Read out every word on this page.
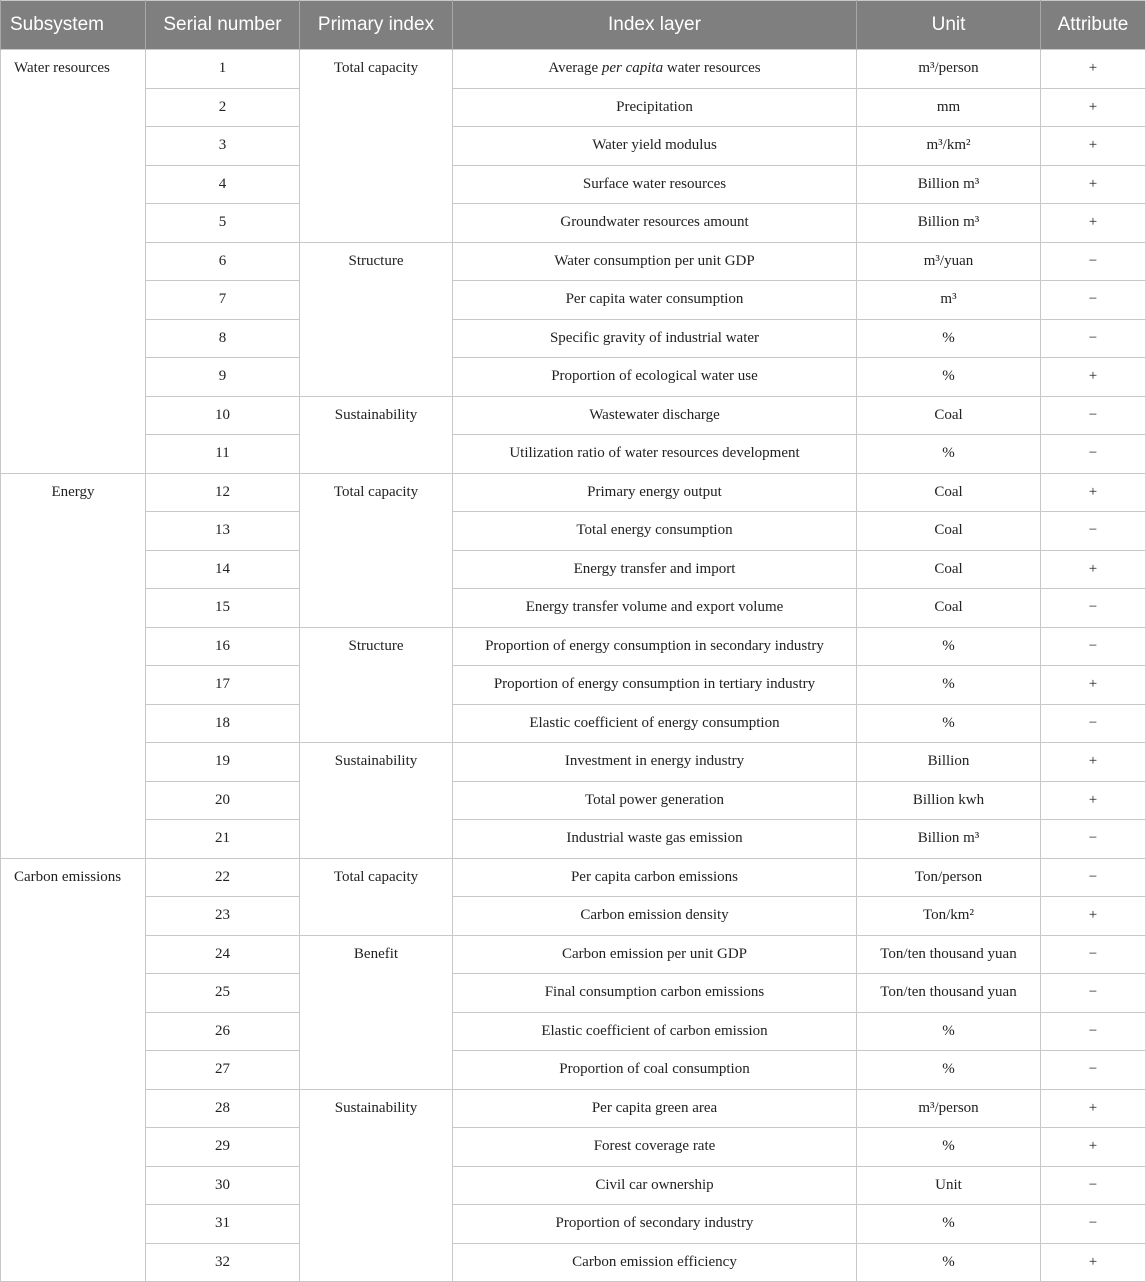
Subsystem	Serial number	Primary index	Index layer	Unit	Attribute
Water resources	1	Total capacity	Average per capita water resources	m³/person	+
	2		Precipitation	mm	+
	3		Water yield modulus	m³/km²	+
	4		Surface water resources	Billion m³	+
	5		Groundwater resources amount	Billion m³	+
	6	Structure	Water consumption per unit GDP	m³/yuan	−
	7		Per capita water consumption	m³	−
	8		Specific gravity of industrial water	%	−
	9		Proportion of ecological water use	%	+
	10	Sustainability	Wastewater discharge	Coal	−
	11		Utilization ratio of water resources development	%	−
Energy	12	Total capacity	Primary energy output	Coal	+
	13		Total energy consumption	Coal	−
	14		Energy transfer and import	Coal	+
	15		Energy transfer volume and export volume	Coal	−
	16	Structure	Proportion of energy consumption in secondary industry	%	−
	17		Proportion of energy consumption in tertiary industry	%	+
	18		Elastic coefficient of energy consumption	%	−
	19	Sustainability	Investment in energy industry	Billion	+
	20		Total power generation	Billion kwh	+
	21		Industrial waste gas emission	Billion m³	−
Carbon emissions	22	Total capacity	Per capita carbon emissions	Ton/person	−
	23		Carbon emission density	Ton/km²	+
	24	Benefit	Carbon emission per unit GDP	Ton/ten thousand yuan	−
	25		Final consumption carbon emissions	Ton/ten thousand yuan	−
	26		Elastic coefficient of carbon emission	%	−
	27		Proportion of coal consumption	%	−
	28	Sustainability	Per capita green area	m³/person	+
	29		Forest coverage rate	%	+
	30		Civil car ownership	Unit	−
	31		Proportion of secondary industry	%	−
	32		Carbon emission efficiency	%	+
